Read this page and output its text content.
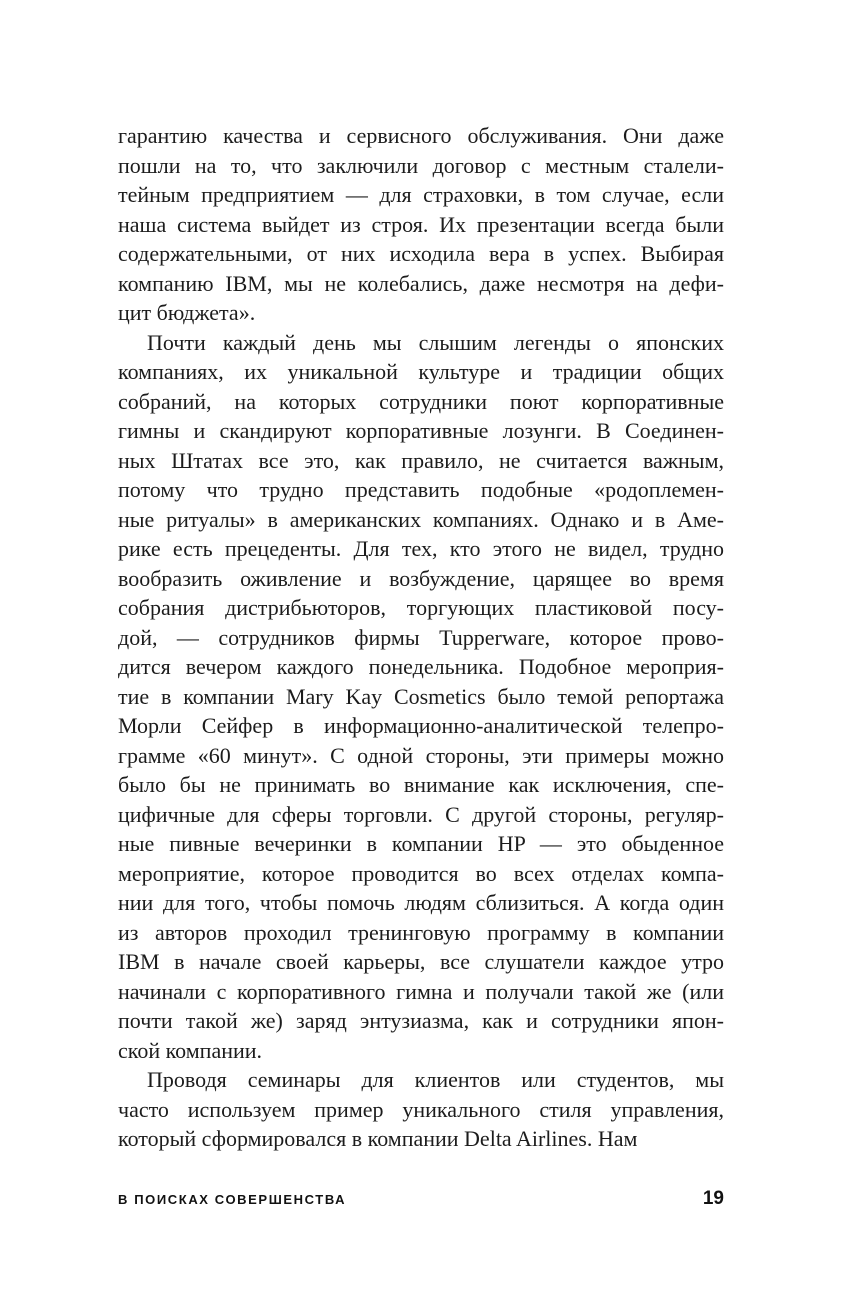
гарантию качества и сервисного обслуживания. Они даже
пошли на то, что заключили договор с местным сталели-
тейным предприятием — для страховки, в том случае, если
наша система выйдет из строя. Их презентации всегда были
содержательными, от них исходила вера в успех. Выбирая
компанию IBM, мы не колебались, даже несмотря на дефи-
цит бюджета».
Почти каждый день мы слышим легенды о японских
компаниях, их уникальной культуре и традиции общих
собраний, на которых сотрудники поют корпоративные
гимны и скандируют корпоративные лозунги. В Соединен-
ных Штатах все это, как правило, не считается важным,
потому что трудно представить подобные «родоплемен-
ные ритуалы» в американских компаниях. Однако и в Аме-
рике есть прецеденты. Для тех, кто этого не видел, трудно
вообразить оживление и возбуждение, царящее во время
собрания дистрибьюторов, торгующих пластиковой посу-
дой, — сотрудников фирмы Tupperware, которое прово-
дится вечером каждого понедельника. Подобное мероприя-
тие в компании Mary Kay Cosmetics было темой репортажа
Морли Сейфер в информационно-аналитической телепро-
грамме «60 минут». С одной стороны, эти примеры можно
было бы не принимать во внимание как исключения, спе-
цифичные для сферы торговли. С другой стороны, регуляр-
ные пивные вечеринки в компании HP — это обыденное
мероприятие, которое проводится во всех отделах компа-
нии для того, чтобы помочь людям сблизиться. А когда один
из авторов проходил тренинговую программу в компании
IBM в начале своей карьеры, все слушатели каждое утро
начинали с корпоративного гимна и получали такой же (или
почти такой же) заряд энтузиазма, как и сотрудники япон-
ской компании.
Проводя семинары для клиентов или студентов, мы
часто используем пример уникального стиля управления,
который сформировался в компании Delta Airlines. Нам
В ПОИСКАХ СОВЕРШЕНСТВА	19
